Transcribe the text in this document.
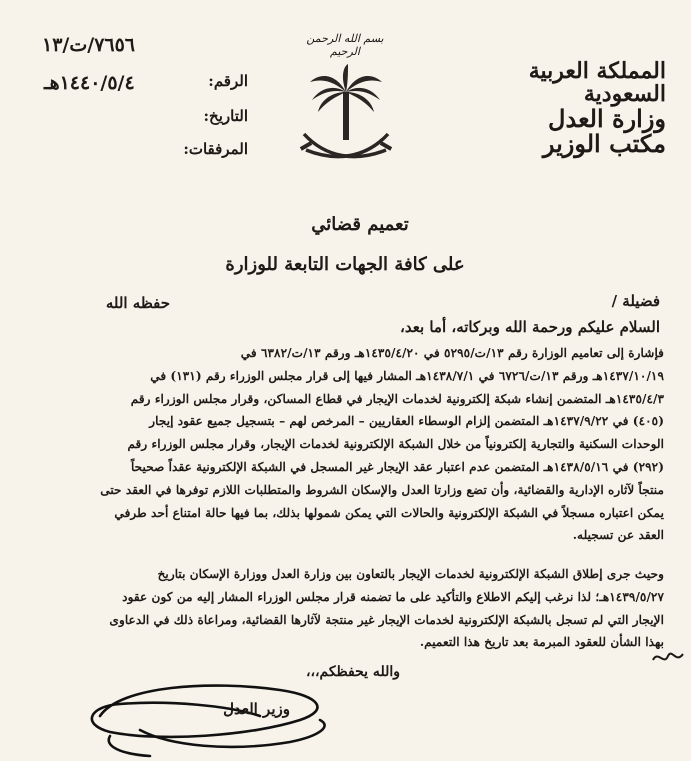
٧٦٥٦/ت/١٣
١٤٤٠/٥/٤هـ	الرقم:
التاريخ:
المرفقات:
بسم الله الرحمن الرحيم
المملكة العربية السعودية
وزارة العدل
مكتب الوزير
تعميم قضائي
على كافة الجهات التابعة للوزارة
فضيلة /
حفظه الله
السلام عليكم ورحمة الله وبركاته، أما بعد،
فإشارة إلى تعاميم الوزارة رقم ١٣/ت/٥٢٩٥ في ١٤٣٥/٤/٢٠هـ ورقم ١٣/ت/٦٣٨٢ في
١٤٣٧/١٠/١٩هـ ورقم ١٣/ت/٦٧٢٦ في ١٤٣٨/٧/١هـ المشار فيها إلى قرار مجلس الوزراء رقم (١٣١) في
١٤٣٥/٤/٣هـ المتضمن إنشاء شبكة إلكترونية لخدمات الإيجار في قطاع المساكن، وقرار مجلس الوزراء رقم
(٤٠٥) في ١٤٣٧/٩/٢٢هـ المتضمن إلزام الوسطاء العقاريين – المرخص لهم – بتسجيل جميع عقود إيجار
الوحدات السكنية والتجارية إلكترونياً من خلال الشبكة الإلكترونية لخدمات الإيجار، وقرار مجلس الوزراء رقم
(٢٩٢) في ١٤٣٨/٥/١٦هـ المتضمن عدم اعتبار عقد الإيجار غير المسجل في الشبكة الإلكترونية عقداً صحيحاً
منتجاً لآثاره الإدارية والقضائية، وأن تضع وزارتا العدل والإسكان الشروط والمتطلبات اللازم توفرها في العقد حتى
يمكن اعتباره مسجلاً في الشبكة الإلكترونية والحالات التي يمكن شمولها بذلك، بما فيها حالة امتناع أحد طرفي
العقد عن تسجيله.
وحيث جرى إطلاق الشبكة الإلكترونية لخدمات الإيجار بالتعاون بين وزارة العدل ووزارة الإسكان بتاريخ
١٤٣٩/٥/٢٧هـ؛ لذا نرغب إليكم الاطلاع والتأكيد على ما تضمنه قرار مجلس الوزراء المشار إليه من كون عقود
الإيجار التي لم تسجل بالشبكة الإلكترونية لخدمات الإيجار غير منتجة لآثارها القضائية، ومراعاة ذلك في الدعاوى
بهذا الشأن للعقود المبرمة بعد تاريخ هذا التعميم.
والله يحفظكم،،،
وزير العدل
